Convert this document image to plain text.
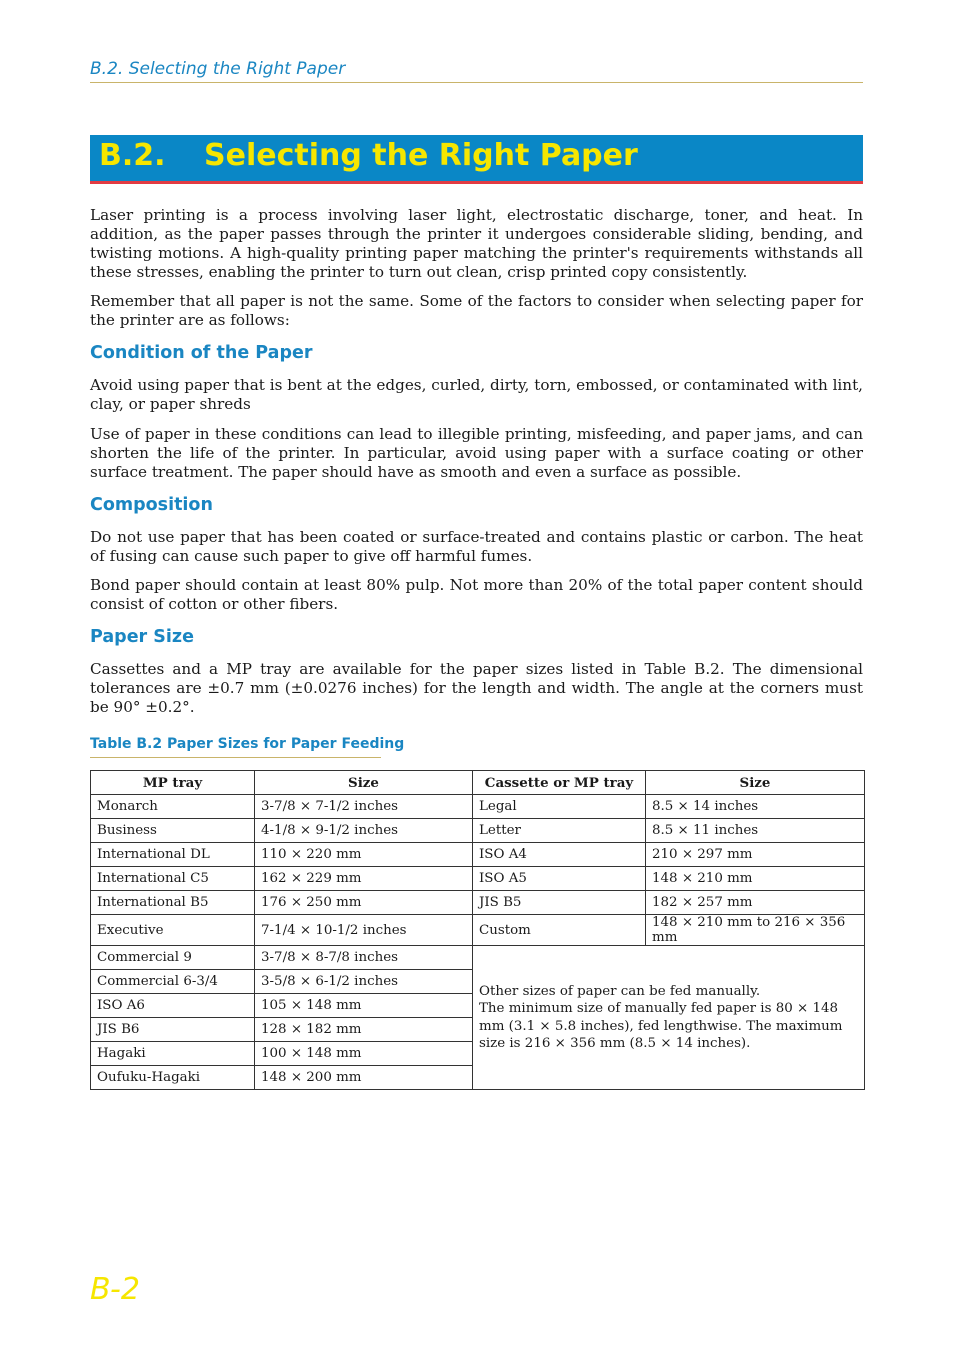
B.2. Selecting the Right Paper
B.2. Selecting the Right Paper

Laser printing is a process involving laser light, electrostatic discharge, toner, and heat. In addition, as the paper passes through the printer it undergoes considerable sliding, bending, and twisting motions. A high-quality printing paper matching the printer's requirements withstands all these stresses, enabling the printer to turn out clean, crisp printed copy consistently.

Remember that all paper is not the same. Some of the factors to consider when selecting paper for the printer are as follows:

Condition of the Paper

Avoid using paper that is bent at the edges, curled, dirty, torn, embossed, or contaminated with lint, clay, or paper shreds

Use of paper in these conditions can lead to illegible printing, misfeeding, and paper jams, and can shorten the life of the printer. In particular, avoid using paper with a surface coating or other surface treatment. The paper should have as smooth and even a surface as possible.

Composition

Do not use paper that has been coated or surface-treated and contains plastic or carbon. The heat of fusing can cause such paper to give off harmful fumes.

Bond paper should contain at least 80% pulp. Not more than 20% of the total paper content should consist of cotton or other fibers.

Paper Size

Cassettes and a MP tray are available for the paper sizes listed in Table B.2. The dimensional tolerances are ±0.7 mm (±0.0276 inches) for the length and width. The angle at the corners must be 90° ±0.2°.

Table B.2 Paper Sizes for Paper Feeding
MP tray	Size	Cassette or MP tray	Size
Monarch	3-7/8 × 7-1/2 inches	Legal	8.5 × 14 inches
Business	4-1/8 × 9-1/2 inches	Letter	8.5 × 11 inches
International DL	110 × 220 mm	ISO A4	210 × 297 mm
International C5	162 × 229 mm	ISO A5	148 × 210 mm
International B5	176 × 250 mm	JIS B5	182 × 257 mm
Executive	7-1/4 × 10-1/2 inches	Custom	148 × 210 mm to 216 × 356 mm
Commercial 9	3-7/8 × 8-7/8 inches	Other sizes of paper can be fed manually.
The minimum size of manually fed paper is 80 × 148 mm (3.1 × 5.8 inches), fed lengthwise. The maximum size is 216 × 356 mm (8.5 × 14 inches).	

Commercial 6-3/4	3-5/8 × 6-1/2 inches		
ISO A6	105 × 148 mm		
JIS B6	128 × 182 mm		
Hagaki	100 × 148 mm		
Oufuku-Hagaki	148 × 200 mm		
B-2
